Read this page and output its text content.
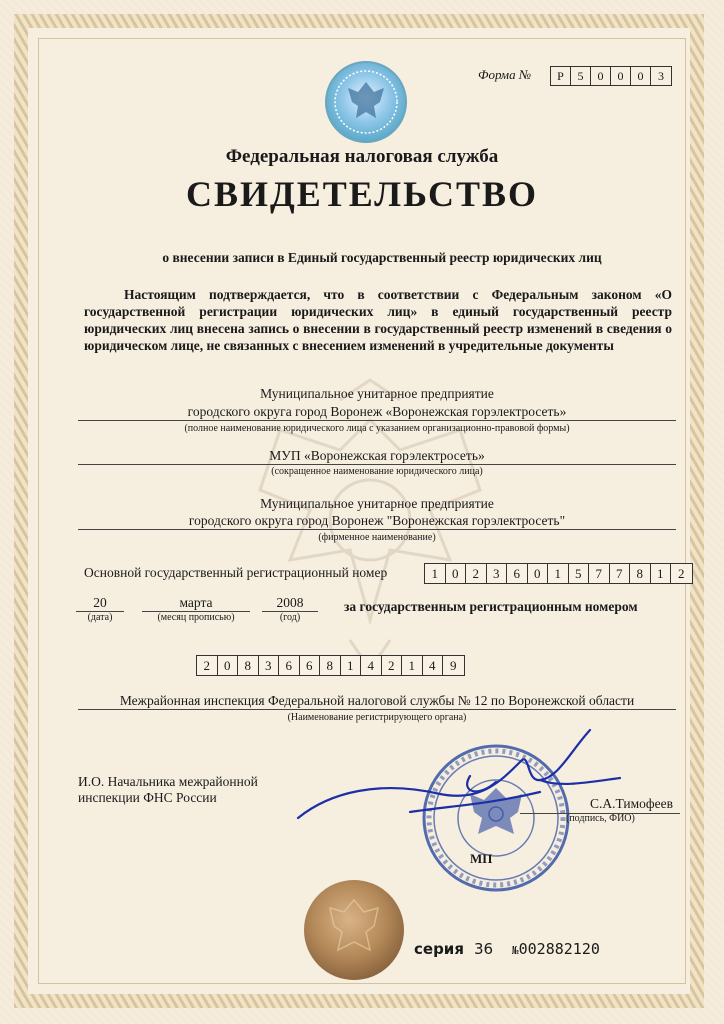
Форма №	Р	5	0	0	0	3
Федеральная налоговая служба
СВИДЕТЕЛЬСТВО
о внесении записи в Единый государственный реестр юридических лиц
Настоящим подтверждается, что в соответствии с Федеральным законом «О государственной регистрации юридических лиц» в единый государственный реестр юридических лиц внесена запись о внесении в государственный реестр изменений в сведения о юридическом лице, не связанных с внесением изменений в учредительные документы
Муниципальное унитарное предприятие
городского округа город Воронеж «Воронежская горэлектросеть»
(полное наименование юридического лица с указанием организационно-правовой формы)
МУП «Воронежская горэлектросеть»
(сокращенное наименование юридического лица)
Муниципальное унитарное предприятие
городского округа город Воронеж "Воронежская горэлектросеть"
(фирменное наименование)
Основной государственный регистрационный номер	1	0	2	3	6	0	1	5	7	7	8	1	2
20
(дата)
марта
(месяц прописью)
2008
(год)
за государственным регистрационным номером
2	0	8	3	6	6	8	1	4	2	1	4	9
Межрайонная инспекция Федеральной налоговой службы № 12 по Воронежской области
(Наименование регистрирующего органа)
И.О. Начальника межрайонной
инспекции ФНС России	С.А.Тимофеев
(подпись, ФИО)
МП
серия 36 №002882120
